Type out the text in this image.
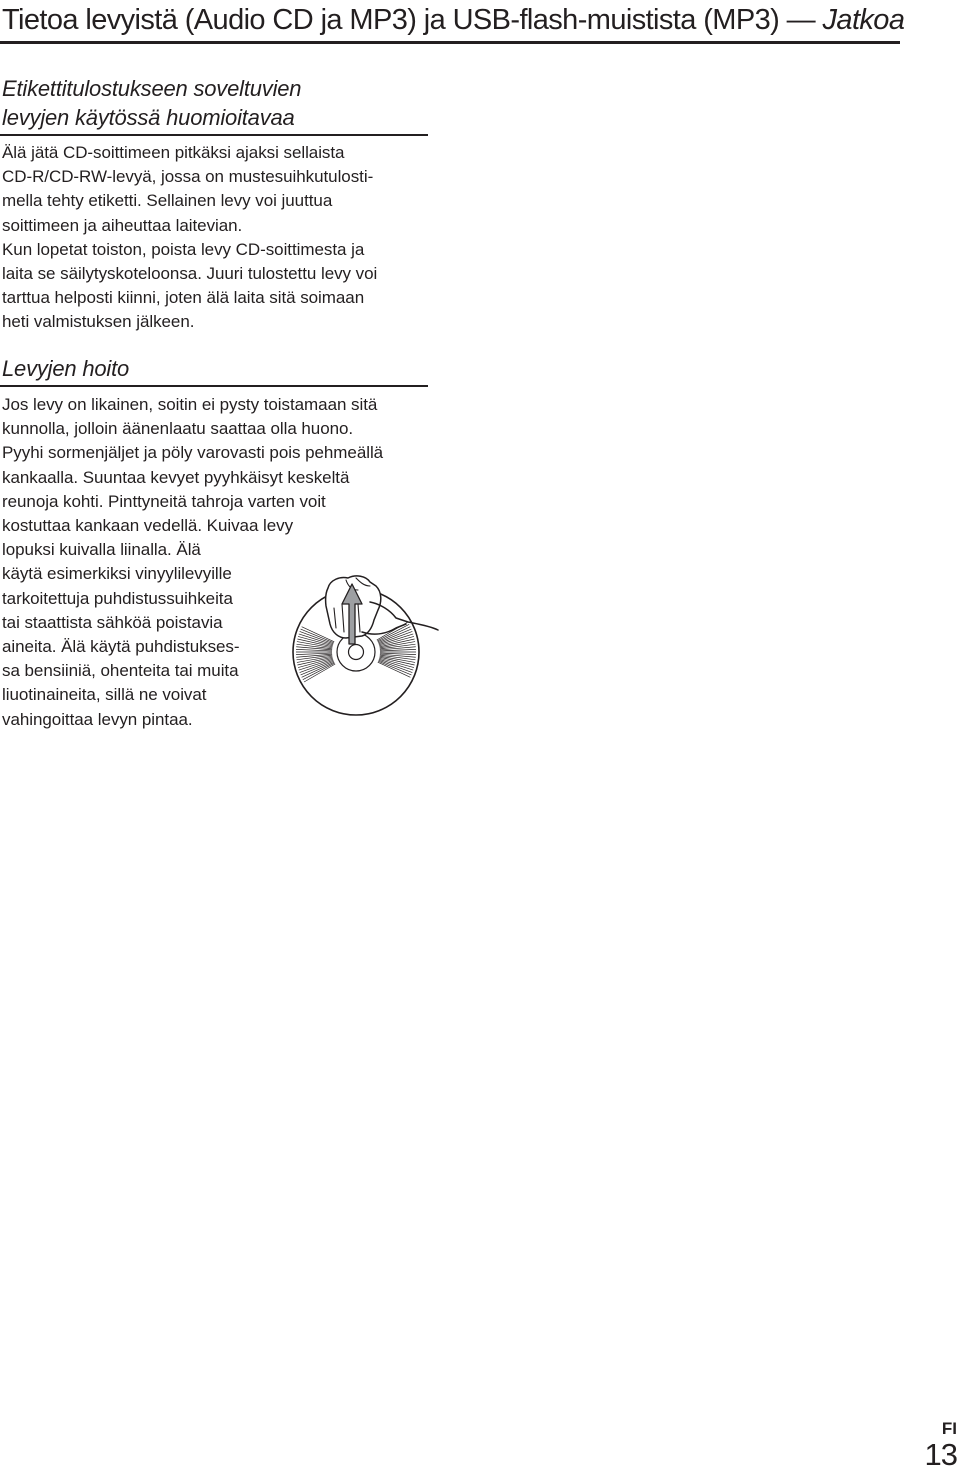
Tietoa levyistä (Audio CD ja MP3) ja USB-flash-muistista (MP3) — Jatkoa
Etikettitulostukseen soveltuvien
levyjen käytössä huomioitavaa

Älä jätä CD-soittimeen pitkäksi ajaksi sellaista
CD-R/CD-RW-levyä, jossa on mustesuihkutulosti-
mella tehty etiketti. Sellainen levy voi juuttua
soittimeen ja aiheuttaa laitevian.
Kun lopetat toiston, poista levy CD-soittimesta ja
laita se säilytyskoteloonsa. Juuri tulostettu levy voi
tarttua helposti kiinni, joten älä laita sitä soimaan
heti valmistuksen jälkeen.

Levyjen hoito

Jos levy on likainen, soitin ei pysty toistamaan sitä
kunnolla, jolloin äänenlaatu saattaa olla huono.
Pyyhi sormenjäljet ja pöly varovasti pois pehmeällä
kankaalla. Suuntaa kevyet pyyhkäisyt keskeltä
reunoja kohti. Pinttyneitä tahroja varten voit
kostuttaa kankaan vedellä. Kuivaa levy
lopuksi kuivalla liinalla. Älä
käytä esimerkiksi vinyylilevyille
tarkoitettuja puhdistussuihkeita
tai staattista sähköä poistavia
aineita. Älä käytä puhdistukses-
sa bensiiniä, ohenteita tai muita
liuotinaineita, sillä ne voivat
vahingoittaa levyn pintaa.

FI
13
